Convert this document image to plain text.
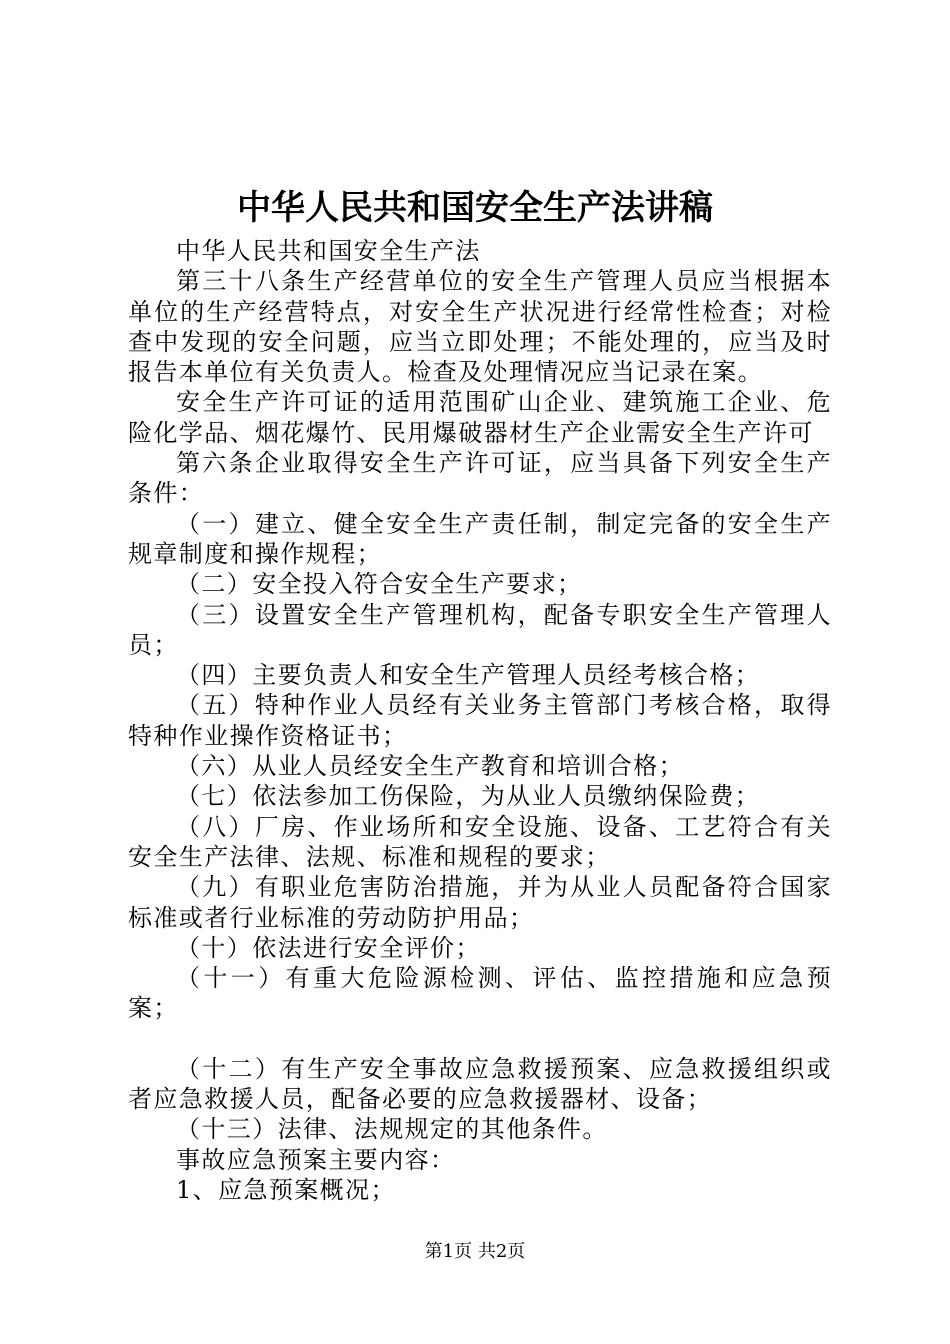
中华人民共和国安全生产法讲稿

中华人民共和国安全生产法

第三十八条生产经营单位的安全生产管理人员应当根据本单位的生产经营特点，对安全生产状况进行经常性检查；对检查中发现的安全问题，应当立即处理；不能处理的，应当及时报告本单位有关负责人。检查及处理情况应当记录在案。

安全生产许可证的适用范围矿山企业、建筑施工企业、危险化学品、烟花爆竹、民用爆破器材生产企业需安全生产许可

第六条企业取得安全生产许可证，应当具备下列安全生产条件：

（一）建立、健全安全生产责任制，制定完备的安全生产规章制度和操作规程；

（二）安全投入符合安全生产要求；

（三）设置安全生产管理机构，配备专职安全生产管理人员；

（四）主要负责人和安全生产管理人员经考核合格；

（五）特种作业人员经有关业务主管部门考核合格，取得特种作业操作资格证书；

（六）从业人员经安全生产教育和培训合格；

（七）依法参加工伤保险，为从业人员缴纳保险费；

（八）厂房、作业场所和安全设施、设备、工艺符合有关安全生产法律、法规、标准和规程的要求；

（九）有职业危害防治措施，并为从业人员配备符合国家标准或者行业标准的劳动防护用品；

（十）依法进行安全评价；

（十一）有重大危险源检测、评估、监控措施和应急预案；

（十二）有生产安全事故应急救援预案、应急救援组织或者应急救援人员，配备必要的应急救援器材、设备；

（十三）法律、法规规定的其他条件。

事故应急预案主要内容：

1、应急预案概况；

第1页 共2页
